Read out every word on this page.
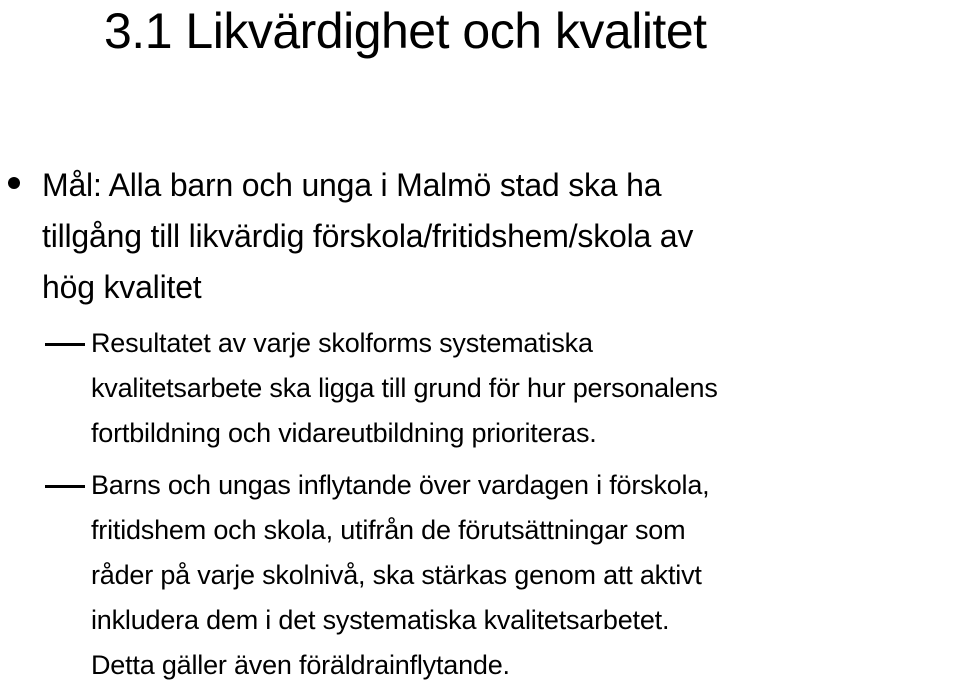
3.1 Likvärdighet och kvalitet
Mål: Alla barn och unga i Malmö stad ska ha
tillgång till likvärdig förskola/fritidshem/skola av
hög kvalitet
Resultatet av varje skolforms systematiska
kvalitetsarbete ska ligga till grund för hur personalens
fortbildning och vidareutbildning prioriteras.
Barns och ungas inflytande över vardagen i förskola,
fritidshem och skola, utifrån de förutsättningar som
råder på varje skolnivå, ska stärkas genom att aktivt
inkludera dem i det systematiska kvalitetsarbetet.
Detta gäller även föräldrainflytande.
